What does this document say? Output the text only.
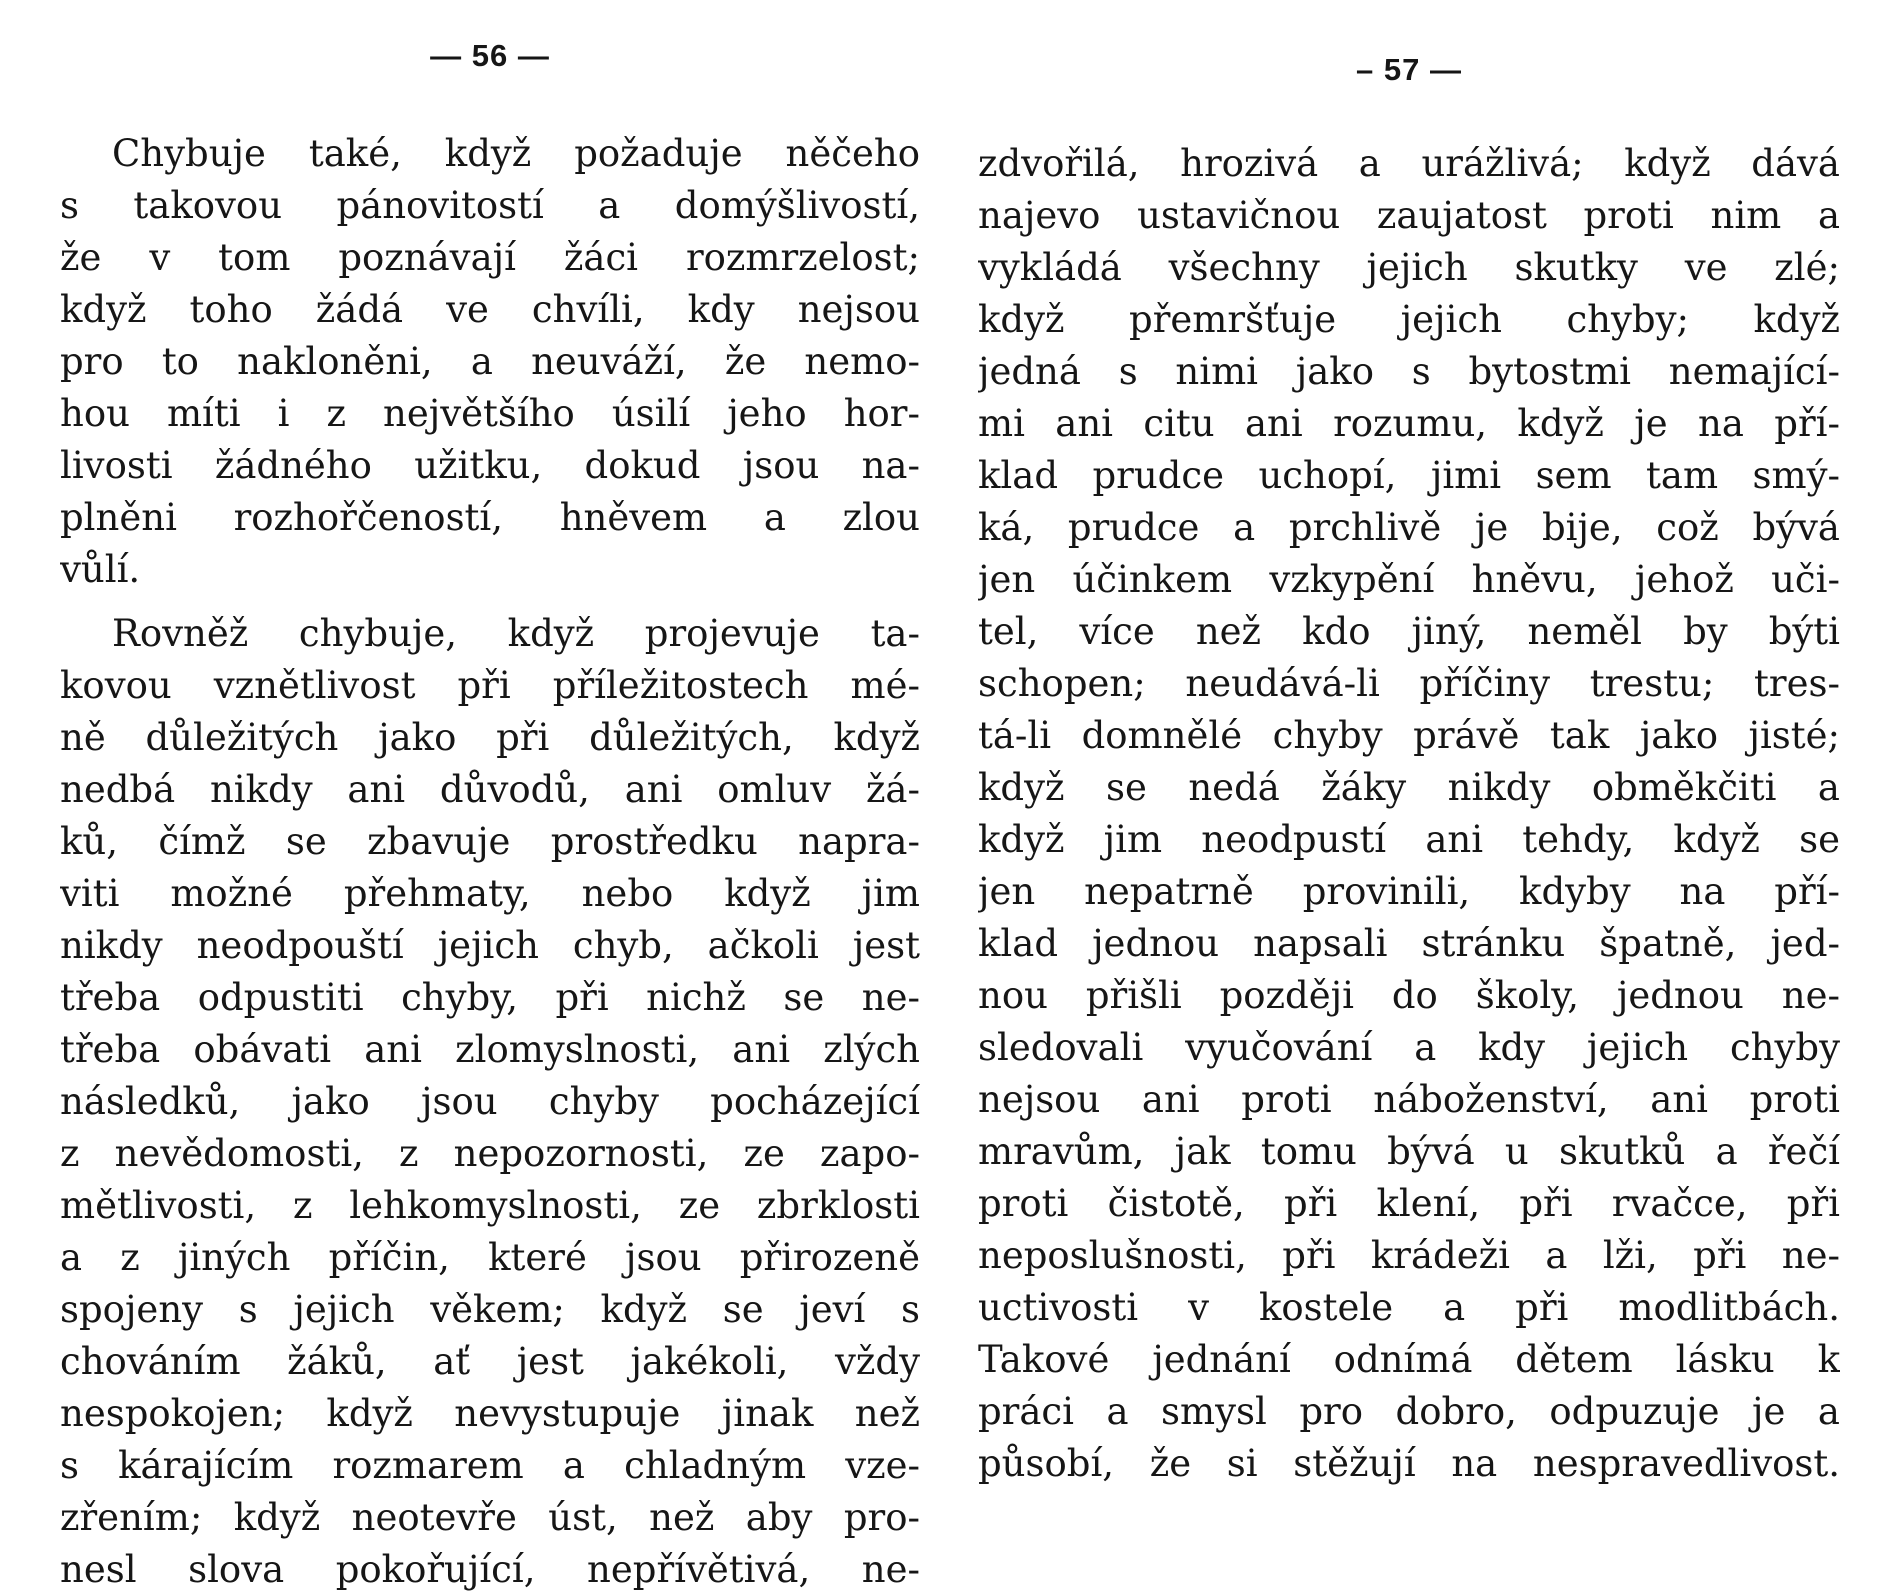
— 56 —
Chybuje také, když požaduje něčeho
s takovou pánovitostí a domýšlivostí,
že v tom poznávají žáci rozmrzelost;
když toho žádá ve chvíli, kdy nejsou
pro to nakloněni, a neuváží, že nemo-
hou míti i z největšího úsilí jeho hor-
livosti žádného užitku, dokud jsou na-
plněni rozhořčeností, hněvem a zlou
vůlí.
Rovněž chybuje, když projevuje ta-
kovou vznětlivost při příležitostech mé-
ně důležitých jako při důležitých, když
nedbá nikdy ani důvodů, ani omluv žá-
ků, čímž se zbavuje prostředku napra-
viti možné přehmaty, nebo když jim
nikdy neodpouští jejich chyb, ačkoli jest
třeba odpustiti chyby, při nichž se ne-
třeba obávati ani zlomyslnosti, ani zlých
následků, jako jsou chyby pocházející
z nevědomosti, z nepozornosti, ze zapo-
mětlivosti, z lehkomyslnosti, ze zbrklosti
a z jiných příčin, které jsou přirozeně
spojeny s jejich věkem; když se jeví s
chováním žáků, ať jest jakékoli, vždy
nespokojen; když nevystupuje jinak než
s kárajícím rozmarem a chladným vze-
zřením; když neotevře úst, než aby pro-
nesl slova pokořující, nepřívětivá, ne-
– 57 —
zdvořilá, hrozivá a urážlivá; když dává
najevo ustavičnou zaujatost proti nim a
vykládá všechny jejich skutky ve zlé;
když přemršťuje jejich chyby; když
jedná s nimi jako s bytostmi nemající-
mi ani citu ani rozumu, když je na pří-
klad prudce uchopí, jimi sem tam smý-
ká, prudce a prchlivě je bije, což bývá
jen účinkem vzkypění hněvu, jehož uči-
tel, více než kdo jiný, neměl by býti
schopen; neudává-li příčiny trestu; tres-
tá-li domnělé chyby právě tak jako jisté;
když se nedá žáky nikdy obměkčiti a
když jim neodpustí ani tehdy, když se
jen nepatrně provinili, kdyby na pří-
klad jednou napsali stránku špatně, jed-
nou přišli později do školy, jednou ne-
sledovali vyučování a kdy jejich chyby
nejsou ani proti náboženství, ani proti
mravům, jak tomu bývá u skutků a řečí
proti čistotě, při klení, při rvačce, při
neposlušnosti, při krádeži a lži, při ne-
uctivosti v kostele a při modlitbách.
Takové jednání odnímá dětem lásku k
práci a smysl pro dobro, odpuzuje je a
působí, že si stěžují na nespravedlivost.
